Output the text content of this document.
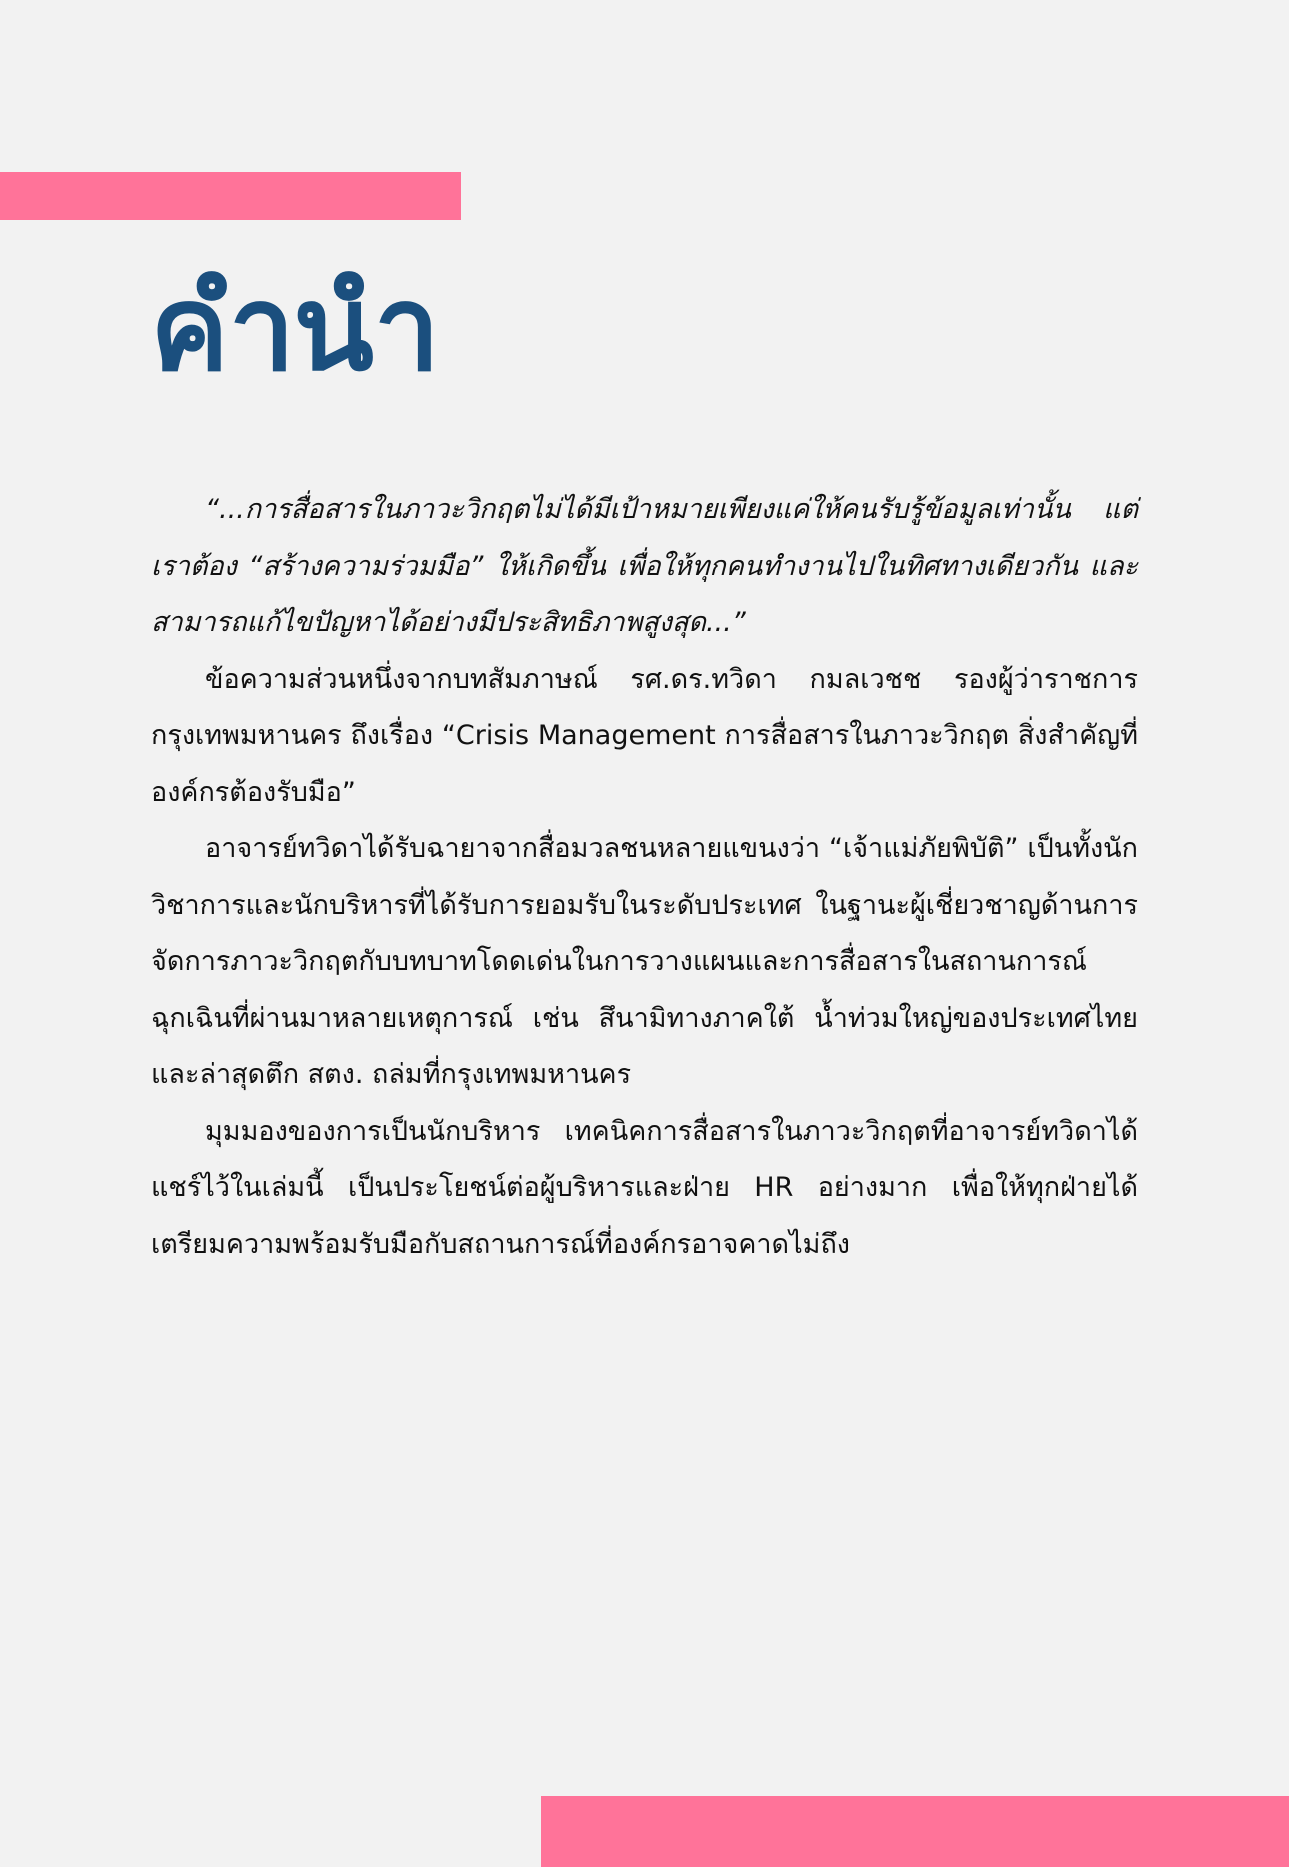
คำนำ

“...การสื่อสารในภาวะวิกฤตไม่ได้มีเป้าหมายเพียงแค่ให้คนรับรู้ข้อมูลเท่านั้น แต่เราต้อง “สร้างความร่วมมือ” ให้เกิดขึ้น เพื่อให้ทุกคนทำงานไปในทิศทางเดียวกัน และสามารถแก้ไขปัญหาได้อย่างมีประสิทธิภาพสูงสุด...”

ข้อความส่วนหนึ่งจากบทสัมภาษณ์ รศ.ดร.ทวิดา กมลเวชช รองผู้ว่าราชการกรุงเทพมหานคร ถึงเรื่อง “Crisis Management การสื่อสารในภาวะวิกฤต สิ่งสำคัญที่องค์กรต้องรับมือ”

อาจารย์ทวิดาได้รับฉายาจากสื่อมวลชนหลายแขนงว่า “เจ้าแม่ภัยพิบัติ” เป็นทั้งนักวิชาการและนักบริหารที่ได้รับการยอมรับในระดับประเทศ ในฐานะผู้เชี่ยวชาญด้านการจัดการภาวะวิกฤตกับบทบาทโดดเด่นในการวางแผนและการสื่อสารในสถานการณ์ฉุกเฉินที่ผ่านมาหลายเหตุการณ์ เช่น สึนามิทางภาคใต้ น้ำท่วมใหญ่ของประเทศไทย และล่าสุดตึก สตง. ถล่มที่กรุงเทพมหานคร

มุมมองของการเป็นนักบริหาร เทคนิคการสื่อสารในภาวะวิกฤตที่อาจารย์ทวิดาได้แชร์ไว้ในเล่มนี้ เป็นประโยชน์ต่อผู้บริหารและฝ่าย HR อย่างมาก เพื่อให้ทุกฝ่ายได้เตรียมความพร้อมรับมือกับสถานการณ์ที่องค์กรอาจคาดไม่ถึง
